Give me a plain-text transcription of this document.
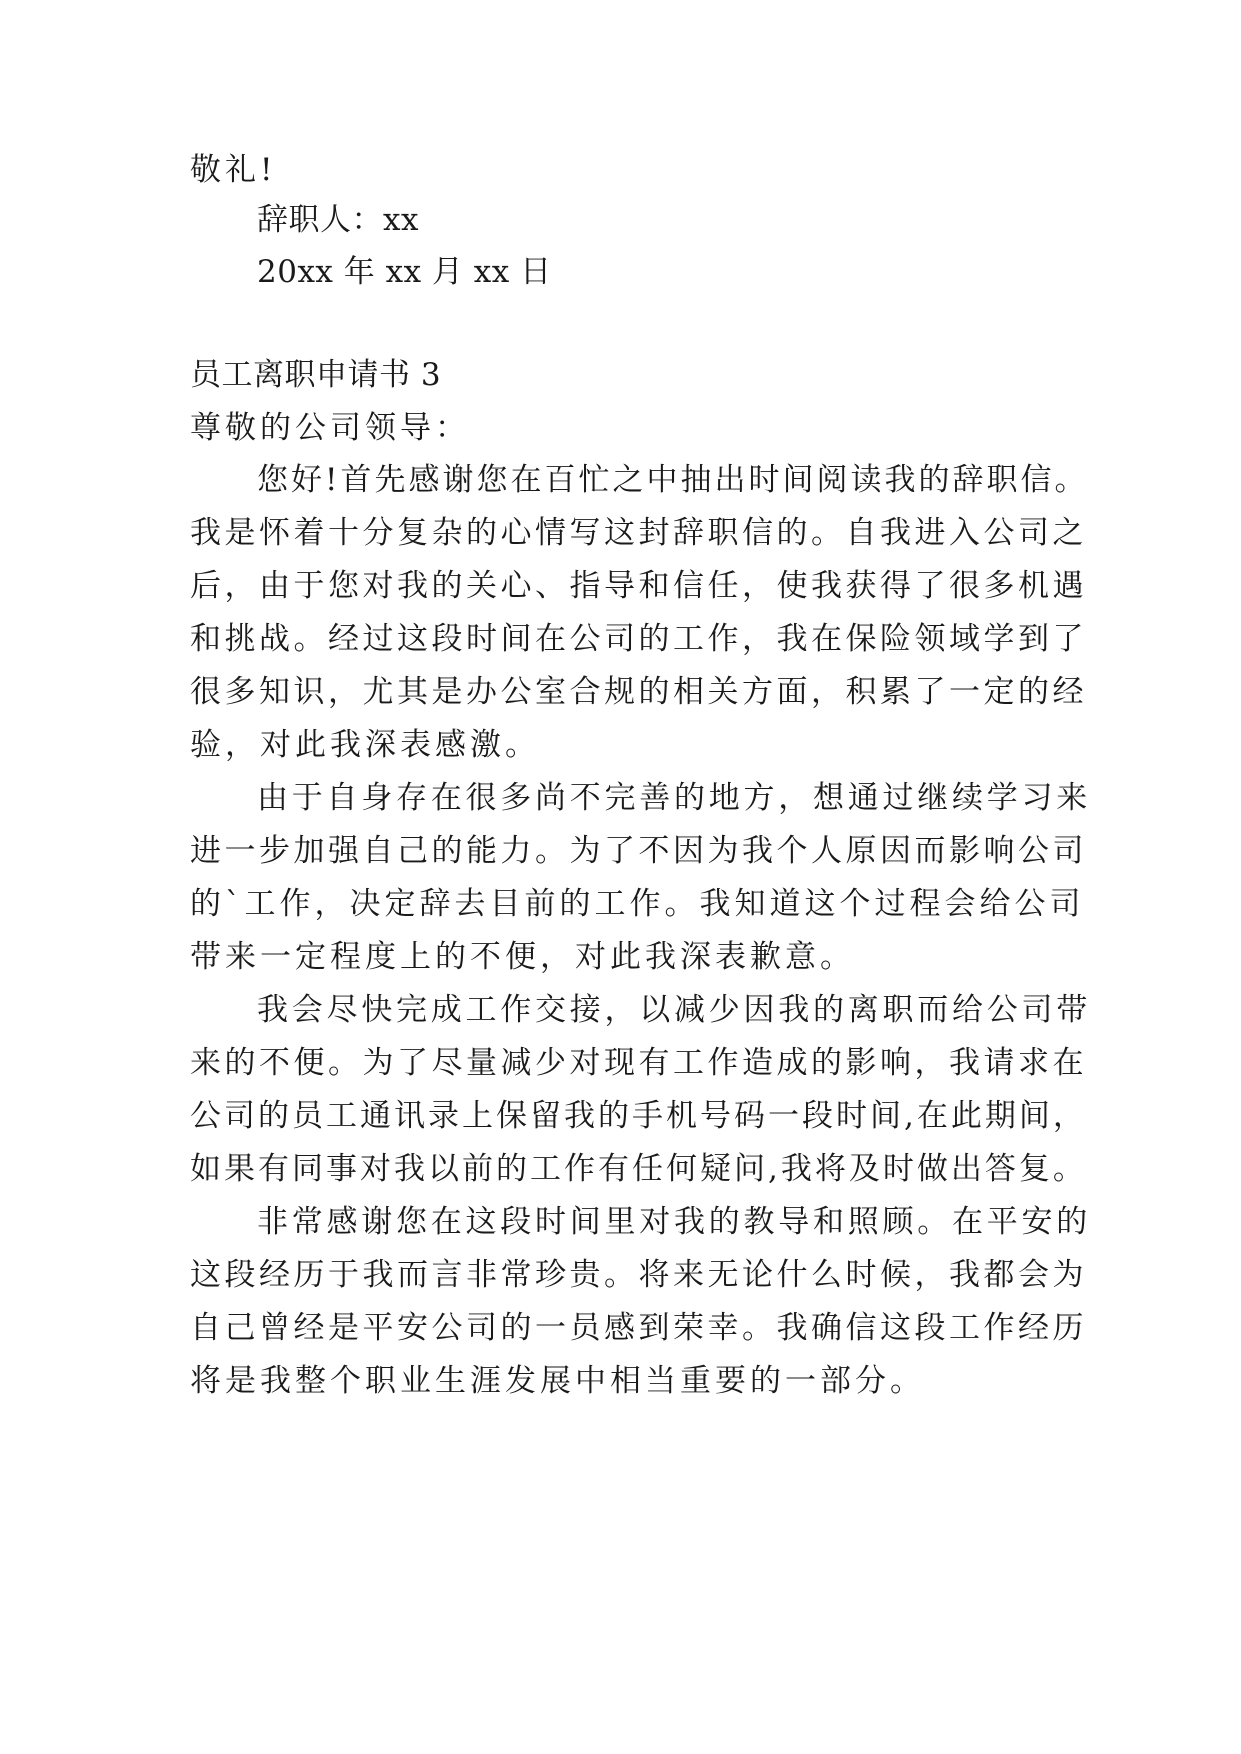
敬礼!
辞职人：xx
20xx 年 xx 月 xx 日
员工离职申请书 3
尊敬的公司领导：
您好!首先感谢您在百忙之中抽出时间阅读我的辞职信。
我是怀着十分复杂的心情写这封辞职信的。自我进入公司之
后，由于您对我的关心、指导和信任，使我获得了很多机遇
和挑战。经过这段时间在公司的工作，我在保险领域学到了
很多知识，尤其是办公室合规的相关方面，积累了一定的经
验，对此我深表感激。
由于自身存在很多尚不完善的地方，想通过继续学习来
进一步加强自己的能力。为了不因为我个人原因而影响公司
的`工作，决定辞去目前的工作。我知道这个过程会给公司
带来一定程度上的不便，对此我深表歉意。
我会尽快完成工作交接，以减少因我的离职而给公司带
来的不便。为了尽量减少对现有工作造成的影响，我请求在
公司的员工通讯录上保留我的手机号码一段时间,在此期间，
如果有同事对我以前的工作有任何疑问,我将及时做出答复。
非常感谢您在这段时间里对我的教导和照顾。在平安的
这段经历于我而言非常珍贵。将来无论什么时候，我都会为
自己曾经是平安公司的一员感到荣幸。我确信这段工作经历
将是我整个职业生涯发展中相当重要的一部分。
